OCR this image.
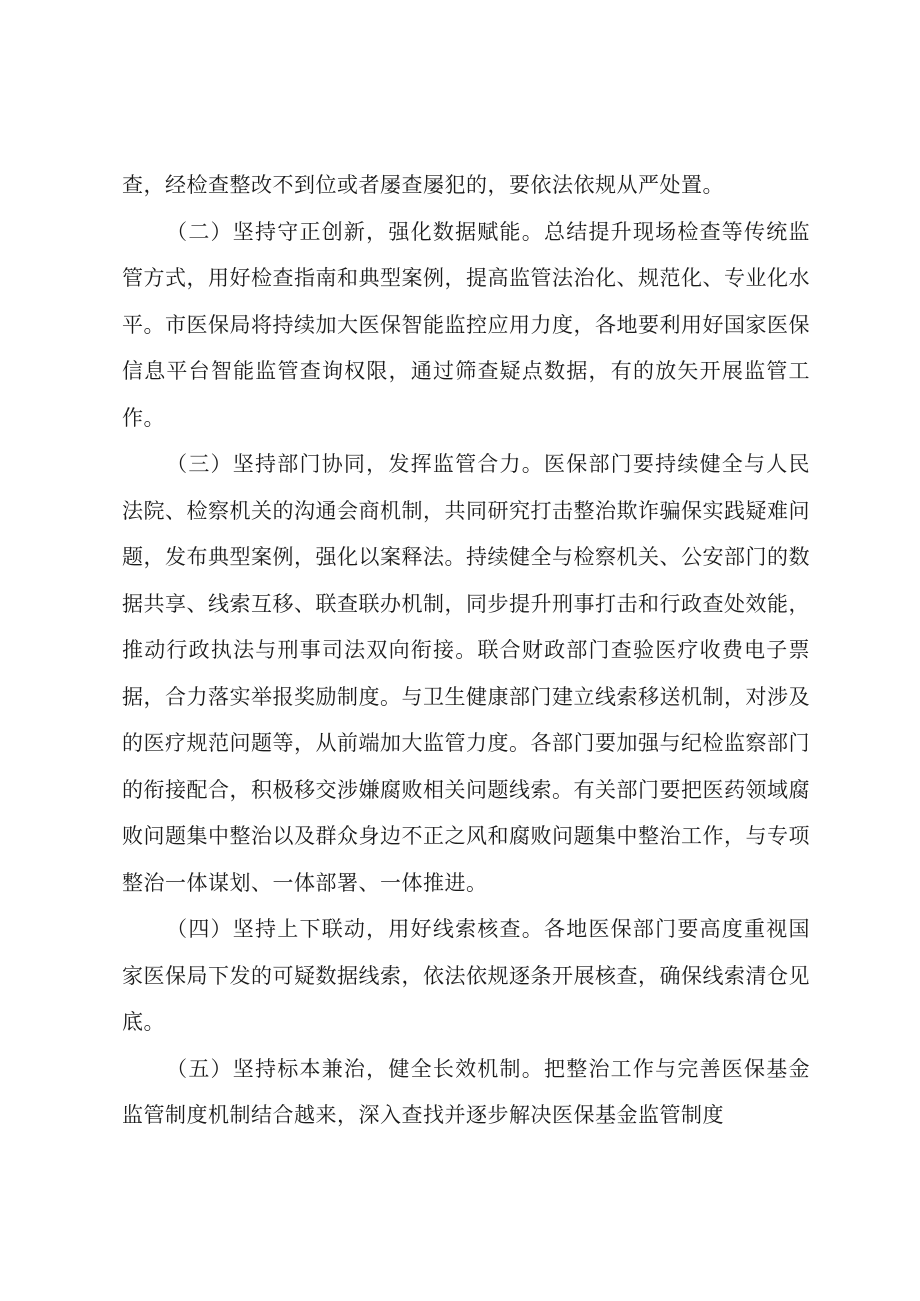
查，经检查整改不到位或者屡查屡犯的，要依法依规从严处置。

（二）坚持守正创新，强化数据赋能。总结提升现场检查等传统监管方式，用好检查指南和典型案例，提高监管法治化、规范化、专业化水平。市医保局将持续加大医保智能监控应用力度，各地要利用好国家医保信息平台智能监管查询权限，通过筛查疑点数据，有的放矢开展监管工作。

（三）坚持部门协同，发挥监管合力。医保部门要持续健全与人民法院、检察机关的沟通会商机制，共同研究打击整治欺诈骗保实践疑难问题，发布典型案例，强化以案释法。持续健全与检察机关、公安部门的数据共享、线索互移、联查联办机制，同步提升刑事打击和行政查处效能，推动行政执法与刑事司法双向衔接。联合财政部门查验医疗收费电子票据，合力落实举报奖励制度。与卫生健康部门建立线索移送机制，对涉及的医疗规范问题等，从前端加大监管力度。各部门要加强与纪检监察部门的衔接配合，积极移交涉嫌腐败相关问题线索。有关部门要把医药领域腐败问题集中整治以及群众身边不正之风和腐败问题集中整治工作，与专项整治一体谋划、一体部署、一体推进。

（四）坚持上下联动，用好线索核查。各地医保部门要高度重视国家医保局下发的可疑数据线索，依法依规逐条开展核查，确保线索清仓见底。

（五）坚持标本兼治，健全长效机制。把整治工作与完善医保基金监管制度机制结合越来，深入查找并逐步解决医保基金监管制度
